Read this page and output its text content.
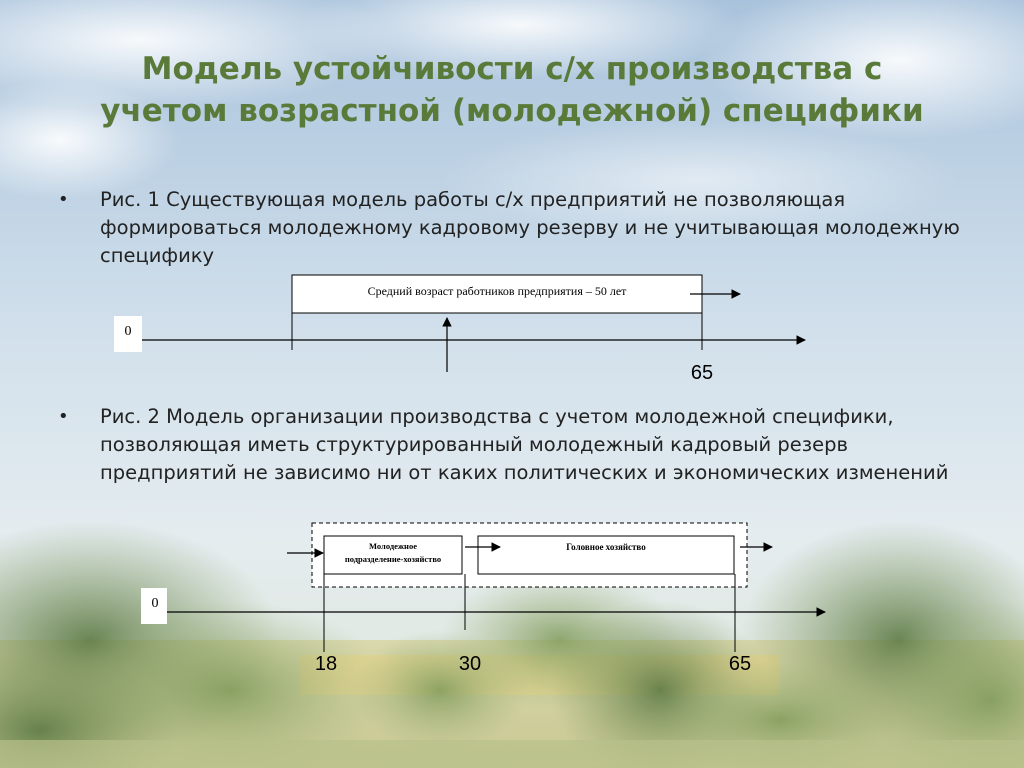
Модель устойчивости с/х производства с учетом возрастной (молодежной) специфики
• Рис. 1 Существующая модель работы с/х предприятий не позволяющая формироваться молодежному кадровому резерву и не учитывающая молодежную специфику
• Рис. 2 Модель организации производства с учетом молодежной специфики, позволяющая иметь структурированный молодежный кадровый резерв предприятий не зависимо ни от каких политических и экономических изменений
Средний возраст работников предприятия – 50 лет
0
65
Молодежное
подразделение-хозяйство
Головное хозяйство
0
18	30	65
